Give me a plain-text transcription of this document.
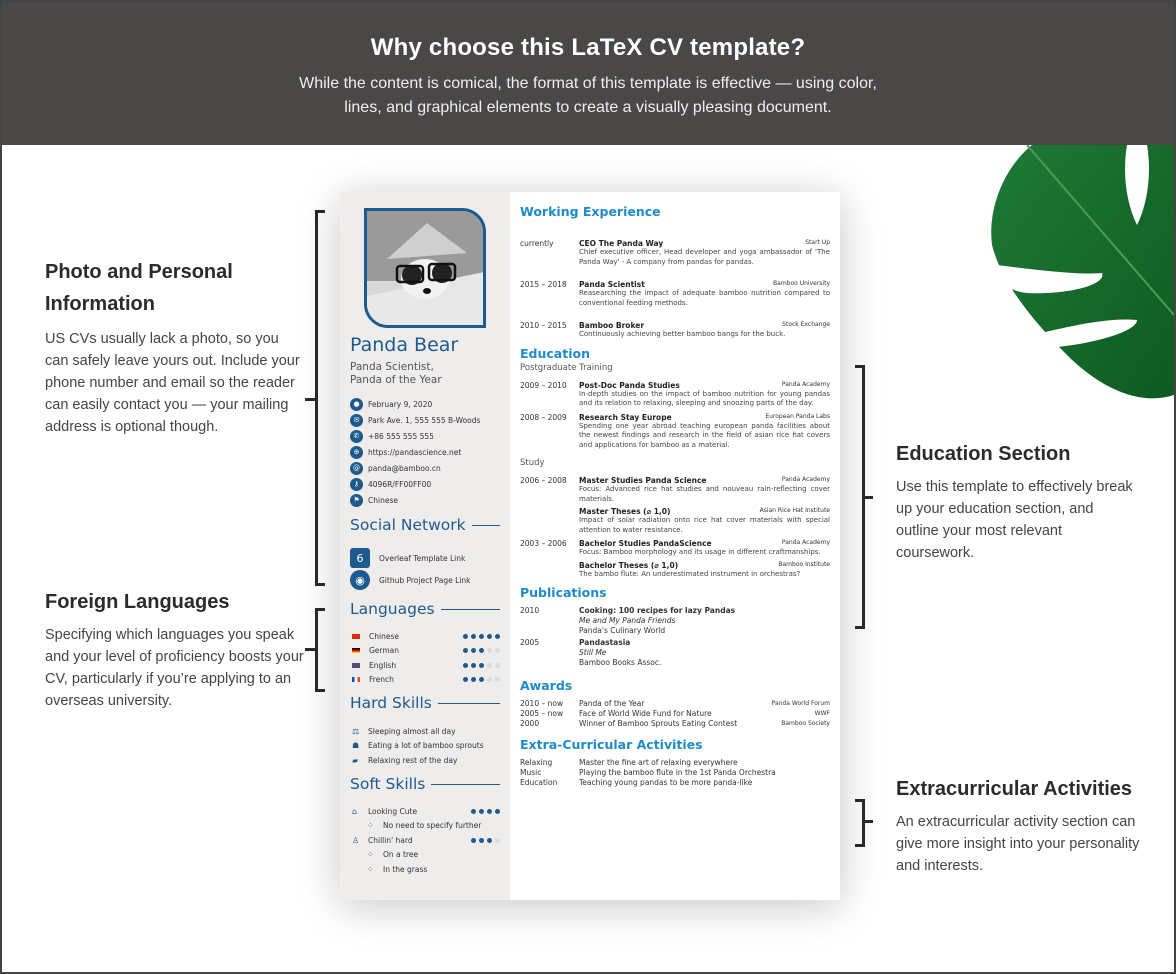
Why choose this LaTeX CV template?

While the content is comical, the format of this template is effective — using color, lines, and graphical elements to create a visually pleasing document.

Photo and Personal Information

US CVs usually lack a photo, so you can safely leave yours out. Include your phone number and email so the reader can easily contact you — your mailing address is optional though.

Foreign Languages

Specifying which languages you speak and your level of proficiency boosts your CV, particularly if you’re applying to an overseas university.

Education Section

Use this template to effectively break up your education section, and outline your most relevant coursework.

Extracurricular Activities

An extracurricular activity section can give more insight into your personality and interests.

Panda Bear
Panda Scientist,
Panda of the Year
●	February 9, 2020
✉	Park Ave. 1, 555 555 B-Woods
✆	+86 555 555 555
⊕	https://pandascience.net
@	panda@bamboo.cn
⚷	4096R/FF00FF00
⚑	Chinese
Social Network
6	Overleaf Template Link
◉	Github Project Page Link
Languages
Chinese
German
English
French
Hard Skills
⚖	Sleeping almost all day
☗	Eating a lot of bamboo sprouts
▰	Relaxing rest of the day
Soft Skills
⌂	Looking Cute
⁘	No need to specify further
♙	Chillin' hard
⁘	On a tree
⁘	In the grass
Working Experience
currently	CEO The Panda Way	Start Up
Chief executive officer, Head developer and yoga ambassador of 'The Panda Way' - A company from pandas for pandas.
2015 – 2018	Panda Scientist	Bamboo University
Reasearching the impact of adequate bamboo nutrition compared to conventional feeding methods.
2010 – 2015	Bamboo Broker	Stock Exchange
Continuously achieving better bamboo bangs for the buck.
Education
Postgraduate Training
2009 – 2010	Post-Doc Panda Studies	Panda Academy
In-depth studies on the impact of bamboo nutrition for young pandas and its relation to relaxing, sleeping and snoozing parts of the day.
2008 – 2009	Research Stay Europe	European Panda Labs
Spending one year abroad teaching european panda facilities about the newest findings and research in the field of asian rice hat covers and applications for bamboo as a material.
Study
2006 – 2008	Master Studies Panda Science	Panda Academy
Focus: Advanced rice hat studies and nouveau rain-reflecting cover materials.
Master Theses (⌀ 1,0)	Asian Rice Hat Institute
Impact of solar radiation onto rice hat cover materials with special attention to water resistance.
2003 – 2006	Bachelor Studies PandaScience	Panda Academy
Focus: Bamboo morphology and its usage in different craftmanships.
Bachelor Theses (⌀ 1,0)	Bamboo Institute
The bambo flute: An underestimated instrument in orchestras?
Publications
2010	Cooking: 100 recipes for lazy Pandas
Me and My Panda Friends
Panda's Culinary World
2005	Pandastasia
Still Me
Bamboo Books Assoc.
Awards
2010 – now	Panda of the Year	Panda World Forum
2005 – now	Face of World Wide Fund for Nature	WWF
2000	Winner of Bamboo Sprouts Eating Contest	Bamboo Society
Extra-Curricular Activities
Relaxing	Master the fine art of relaxing everywhere
Music	Playing the bamboo flute in the 1st Panda Orchestra
Education	Teaching young pandas to be more panda-like
